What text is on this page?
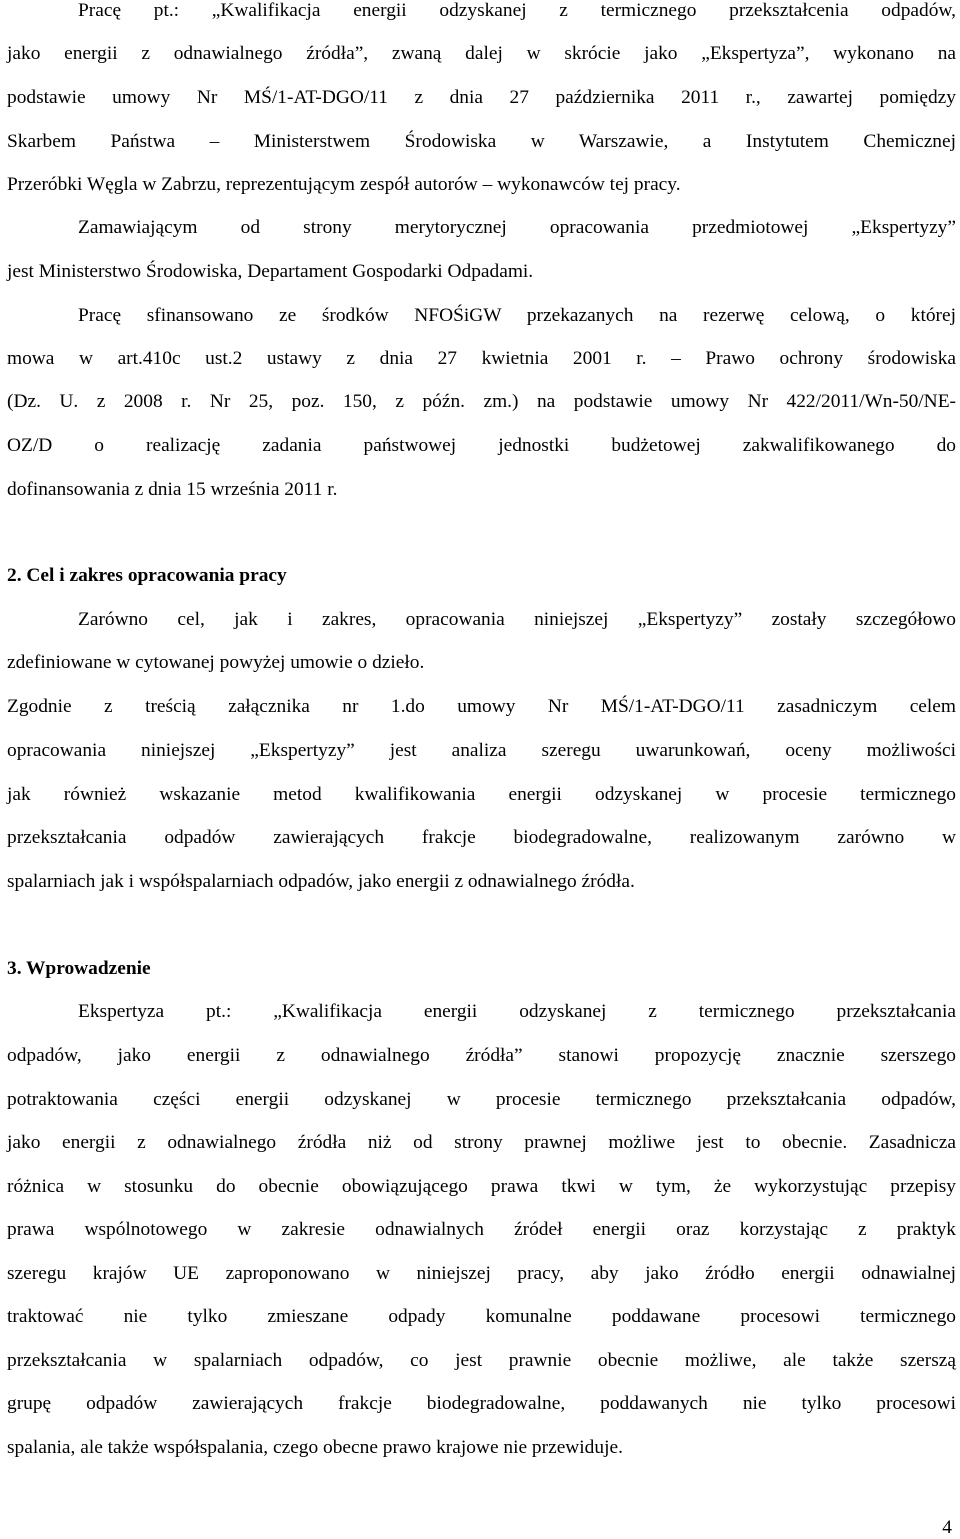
Pracę pt.: „Kwalifikacja energii odzyskanej z termicznego przekształcenia odpadów,
jako energii z odnawialnego źródła”, zwaną dalej w skrócie jako „Ekspertyza”, wykonano na
podstawie umowy Nr MŚ/1-AT-DGO/11 z dnia 27 października 2011 r., zawartej pomiędzy
Skarbem Państwa – Ministerstwem Środowiska w Warszawie, a Instytutem Chemicznej
Przeróbki Węgla w Zabrzu, reprezentującym zespół autorów – wykonawców tej pracy.
Zamawiającym od strony merytorycznej opracowania przedmiotowej „Ekspertyzy”
jest Ministerstwo Środowiska, Departament Gospodarki Odpadami.
Pracę sfinansowano ze środków NFOŚiGW przekazanych na rezerwę celową, o której
mowa w art.410c ust.2 ustawy z dnia 27 kwietnia 2001 r. – Prawo ochrony środowiska
(Dz. U. z 2008 r. Nr 25, poz. 150, z późn. zm.) na podstawie umowy Nr 422/2011/Wn-50/NE-
OZ/D o realizację zadania państwowej jednostki budżetowej zakwalifikowanego do
dofinansowania z dnia 15 września 2011 r.
2. Cel i zakres opracowania pracy
Zarówno cel, jak i zakres, opracowania niniejszej „Ekspertyzy” zostały szczegółowo
zdefiniowane w cytowanej powyżej umowie o dzieło.
Zgodnie z treścią załącznika nr 1.do umowy Nr MŚ/1-AT-DGO/11 zasadniczym celem
opracowania niniejszej „Ekspertyzy” jest analiza szeregu uwarunkowań, oceny możliwości
jak również wskazanie metod kwalifikowania energii odzyskanej w procesie termicznego
przekształcania odpadów zawierających frakcje biodegradowalne, realizowanym zarówno w
spalarniach jak i współspalarniach odpadów, jako energii z odnawialnego źródła.
3. Wprowadzenie
Ekspertyza pt.: „Kwalifikacja energii odzyskanej z termicznego przekształcania
odpadów, jako energii z odnawialnego źródła” stanowi propozycję znacznie szerszego
potraktowania części energii odzyskanej w procesie termicznego przekształcania odpadów,
jako energii z odnawialnego źródła niż od strony prawnej możliwe jest to obecnie. Zasadnicza
różnica w stosunku do obecnie obowiązującego prawa tkwi w tym, że wykorzystując przepisy
prawa wspólnotowego w zakresie odnawialnych źródeł energii oraz korzystając z praktyk
szeregu krajów UE zaproponowano w niniejszej pracy, aby jako źródło energii odnawialnej
traktować nie tylko zmieszane odpady komunalne poddawane procesowi termicznego
przekształcania w spalarniach odpadów, co jest prawnie obecnie możliwe, ale także szerszą
grupę odpadów zawierających frakcje biodegradowalne, poddawanych nie tylko procesowi
spalania, ale także współspalania, czego obecne prawo krajowe nie przewiduje.
4
